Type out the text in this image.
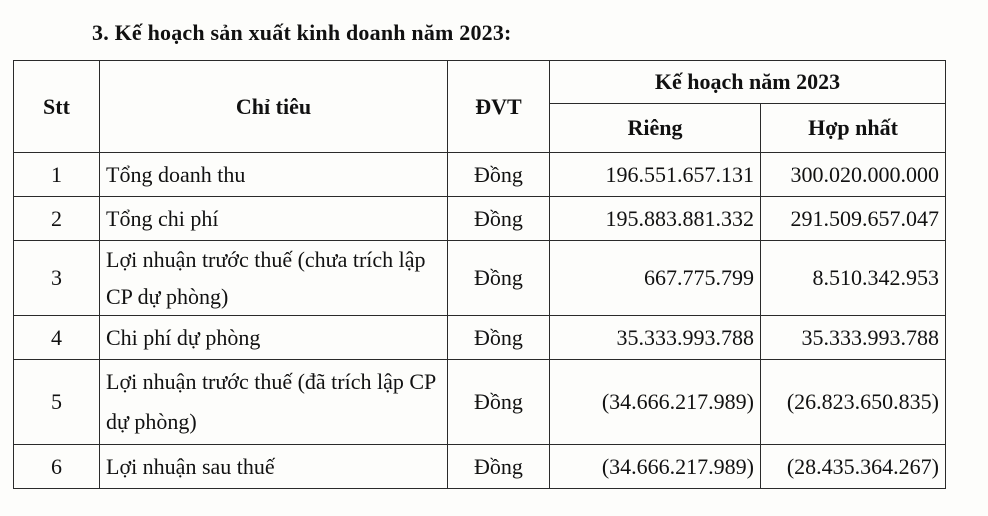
3. Kế hoạch sản xuất kinh doanh năm 2023:
Stt	Chỉ tiêu	ĐVT	Kế hoạch năm 2023	
			Riêng	Hợp nhất
1	Tổng doanh thu	Đồng	196.551.657.131	300.020.000.000
2	Tổng chi phí	Đồng	195.883.881.332	291.509.657.047
3	Lợi nhuận trước thuế (chưa trích lập CP dự phòng)	Đồng	667.775.799	8.510.342.953
4	Chi phí dự phòng	Đồng	35.333.993.788	35.333.993.788
5	Lợi nhuận trước thuế (đã trích lập CP dự phòng)	Đồng	(34.666.217.989)	(26.823.650.835)
6	Lợi nhuận sau thuế	Đồng	(34.666.217.989)	(28.435.364.267)
